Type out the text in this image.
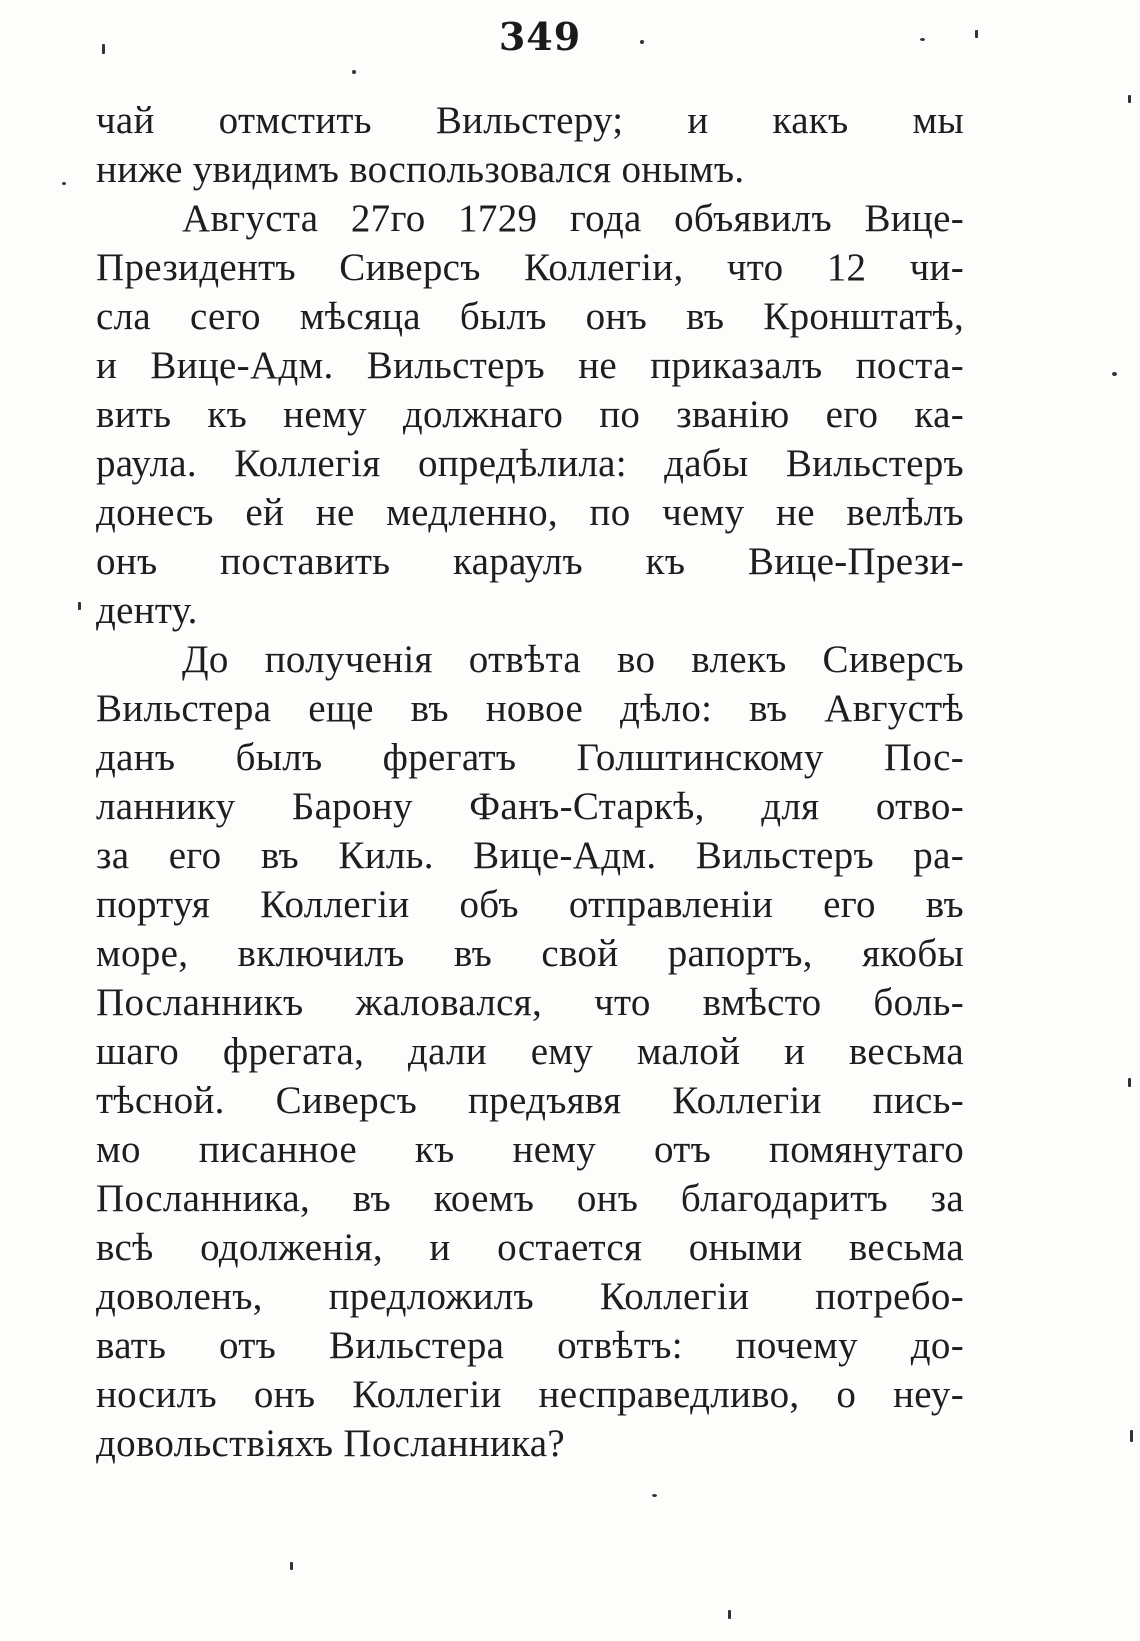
349
чай отмстить Вильстеру; и какъ мы
ниже увидимъ воспользовался онымъ.
Августа 27го 1729 года объявилъ Вице-
Президентъ Сиверсъ Коллегіи, что 12 чи-
сла сего мѣсяца былъ онъ въ Кронштатѣ,
и Вице-Адм. Вильстеръ не приказалъ поста-
вить къ нему должнаго по званію его ка-
раула. Коллегія опредѣлила: дабы Вильстеръ
донесъ ей не медленно, по чему не велѣлъ
онъ поставить караулъ къ Вице-Прези-
денту.
До полученія отвѣта во влекъ Сиверсъ
Вильстера еще въ новое дѣло: въ Августѣ
данъ былъ фрегатъ Голштинскому Пос-
ланнику Барону Фанъ-Старкѣ, для отво-
за его въ Киль. Вице-Адм. Вильстеръ ра-
портуя Коллегіи объ отправленіи его въ
море, включилъ въ свой рапортъ, якобы
Посланникъ жаловался, что вмѣсто боль-
шаго фрегата, дали ему малой и весьма
тѣсной. Сиверсъ предъявя Коллегіи пись-
мо писанное къ нему отъ помянутаго
Посланника, въ коемъ онъ благодаритъ за
всѣ одолженія, и остается оными весьма
доволенъ, предложилъ Коллегіи потребо-
вать отъ Вильстера отвѣтъ: почему до-
носилъ онъ Коллегіи несправедливо, о неу-
довольствіяхъ Посланника?
